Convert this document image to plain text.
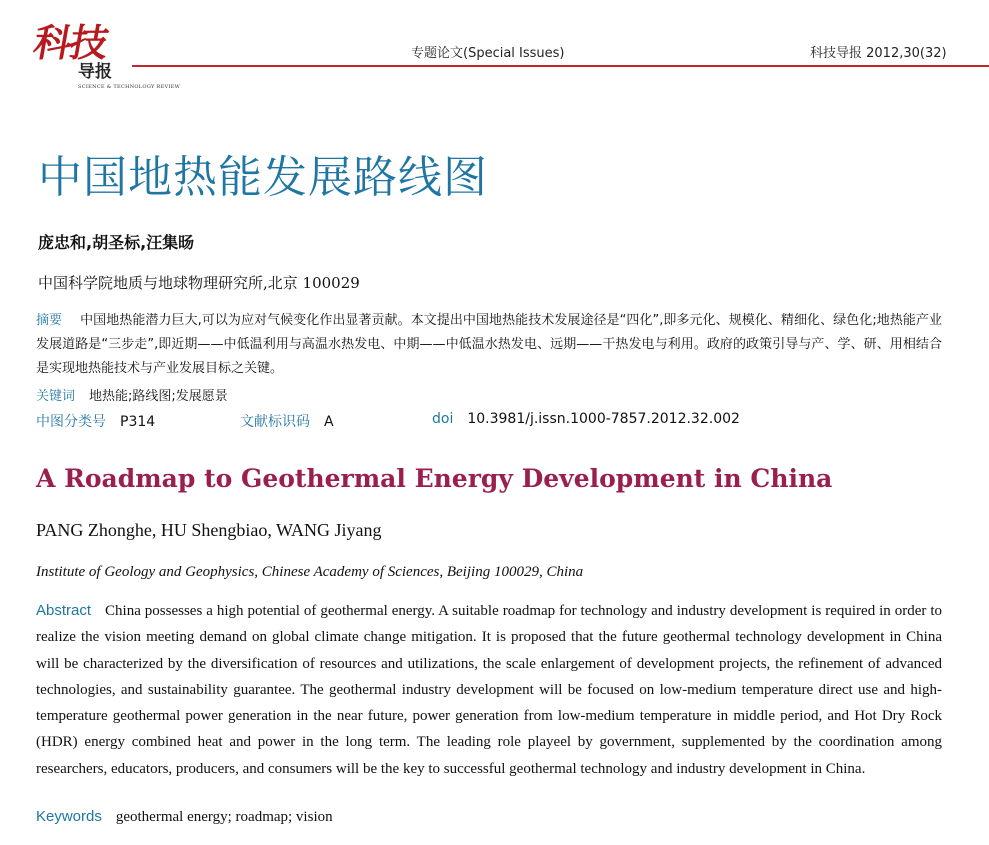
科技
导报
SCIENCE & TECHNOLOGY REVIEW
专题论文(Special Issues)	科技导报 2012,30(32)
中国地热能发展路线图
庞忠和,胡圣标,汪集旸
中国科学院地质与地球物理研究所,北京 100029
摘要 中国地热能潜力巨大,可以为应对气候变化作出显著贡献。本文提出中国地热能技术发展途径是“四化”,即多元化、规模化、精细化、绿色化;地热能产业发展道路是“三步走”,即近期——中低温利用与高温水热发电、中期——中低温水热发电、远期——干热发电与利用。政府的政策引导与产、学、研、用相结合是实现地热能技术与产业发展目标之关键。
关键词 地热能;路线图;发展愿景
中图分类号 P314	文献标识码 A	doi 10.3981/j.issn.1000-7857.2012.32.002
A Roadmap to Geothermal Energy Development in China
PANG Zhonghe, HU Shengbiao, WANG Jiyang
Institute of Geology and Geophysics, Chinese Academy of Sciences, Beijing 100029, China
Abstract China possesses a high potential of geothermal energy. A suitable roadmap for technology and industry development is required in order to realize the vision meeting demand on global climate change mitigation. It is proposed that the future geothermal technology development in China will be characterized by the diversification of resources and utilizations, the scale enlargement of development projects, the refinement of advanced technologies, and sustainability guarantee. The geothermal industry development will be focused on low-medium temperature direct use and high- temperature geothermal power generation in the near future, power generation from low-medium temperature in middle period, and Hot Dry Rock (HDR) energy combined heat and power in the long term. The leading role playeel by government, supplemented by the coordination among researchers, educators, producers, and consumers will be the key to successful geothermal technology and industry development in China.
Keywords geothermal energy; roadmap; vision
